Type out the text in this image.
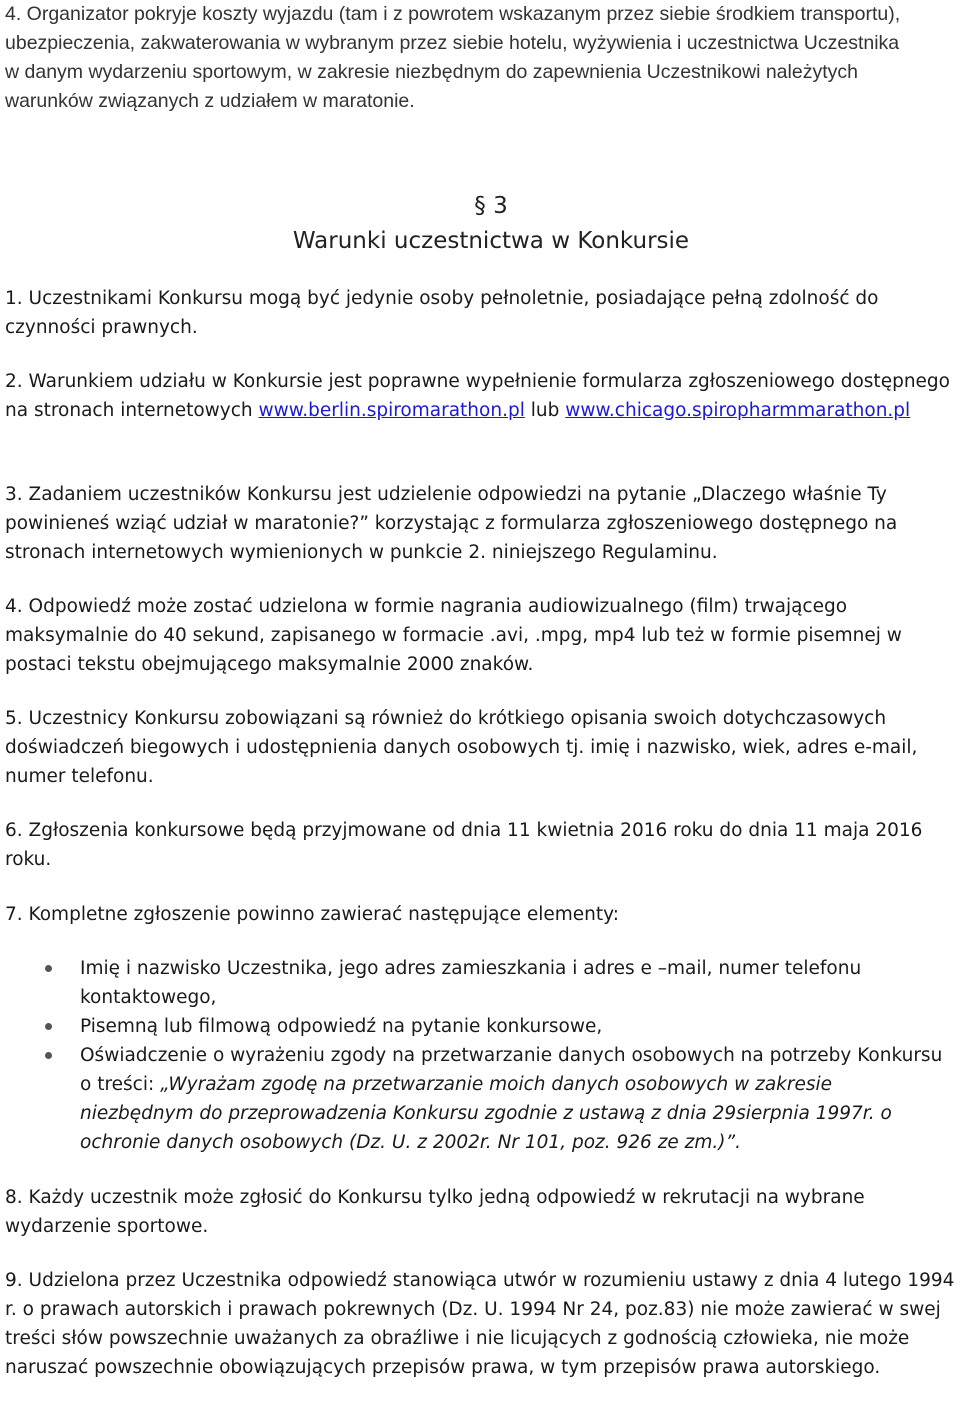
4. Organizator pokryje koszty wyjazdu (tam i z powrotem wskazanym przez siebie środkiem transportu), ubezpieczenia, zakwaterowania w wybranym przez siebie hotelu, wyżywienia i uczestnictwa Uczestnika w danym wydarzeniu sportowym, w zakresie niezbędnym do zapewnienia Uczestnikowi należytych warunków związanych z udziałem w maratonie.

§ 3

Warunki uczestnictwa w Konkursie

1. Uczestnikami Konkursu mogą być jedynie osoby pełnoletnie, posiadające pełną zdolność do czynności prawnych.

2. Warunkiem udziału w Konkursie jest poprawne wypełnienie formularza zgłoszeniowego dostępnego na stronach internetowych www.berlin.spiromarathon.pl lub www.chicago.spiropharmmarathon.pl

3. Zadaniem uczestników Konkursu jest udzielenie odpowiedzi na pytanie „Dlaczego właśnie Ty powinieneś wziąć udział w maratonie?” korzystając z formularza zgłoszeniowego dostępnego na stronach internetowych wymienionych w punkcie 2. niniejszego Regulaminu.

4. Odpowiedź może zostać udzielona w formie nagrania audiowizualnego (film) trwającego maksymalnie do 40 sekund, zapisanego w formacie .avi, .mpg, mp4 lub też w formie pisemnej w postaci tekstu obejmującego maksymalnie 2000 znaków.

5. Uczestnicy Konkursu zobowiązani są również do krótkiego opisania swoich dotychczasowych doświadczeń biegowych i udostępnienia danych osobowych tj. imię i nazwisko, wiek, adres e-mail, numer telefonu.

6. Zgłoszenia konkursowe będą przyjmowane od dnia 11 kwietnia 2016 roku do dnia 11 maja 2016 roku.

7. Kompletne zgłoszenie powinno zawierać następujące elementy:

Imię i nazwisko Uczestnika, jego adres zamieszkania i adres e –mail, numer telefonu kontaktowego,
Pisemną lub filmową odpowiedź na pytanie konkursowe,
Oświadczenie o wyrażeniu zgody na przetwarzanie danych osobowych na potrzeby Konkursu o treści: „Wyrażam zgodę na przetwarzanie moich danych osobowych w zakresie niezbędnym do przeprowadzenia Konkursu zgodnie z ustawą z dnia 29sierpnia 1997r. o ochronie danych osobowych (Dz. U. z 2002r. Nr 101, poz. 926 ze zm.)”.

8. Każdy uczestnik może zgłosić do Konkursu tylko jedną odpowiedź w rekrutacji na wybrane wydarzenie sportowe.

9. Udzielona przez Uczestnika odpowiedź stanowiąca utwór w rozumieniu ustawy z dnia 4 lutego 1994 r. o prawach autorskich i prawach pokrewnych (Dz. U. 1994 Nr 24, poz.83) nie może zawierać w swej treści słów powszechnie uważanych za obraźliwe i nie licujących z godnością człowieka, nie może naruszać powszechnie obowiązujących przepisów prawa, w tym przepisów prawa autorskiego.
